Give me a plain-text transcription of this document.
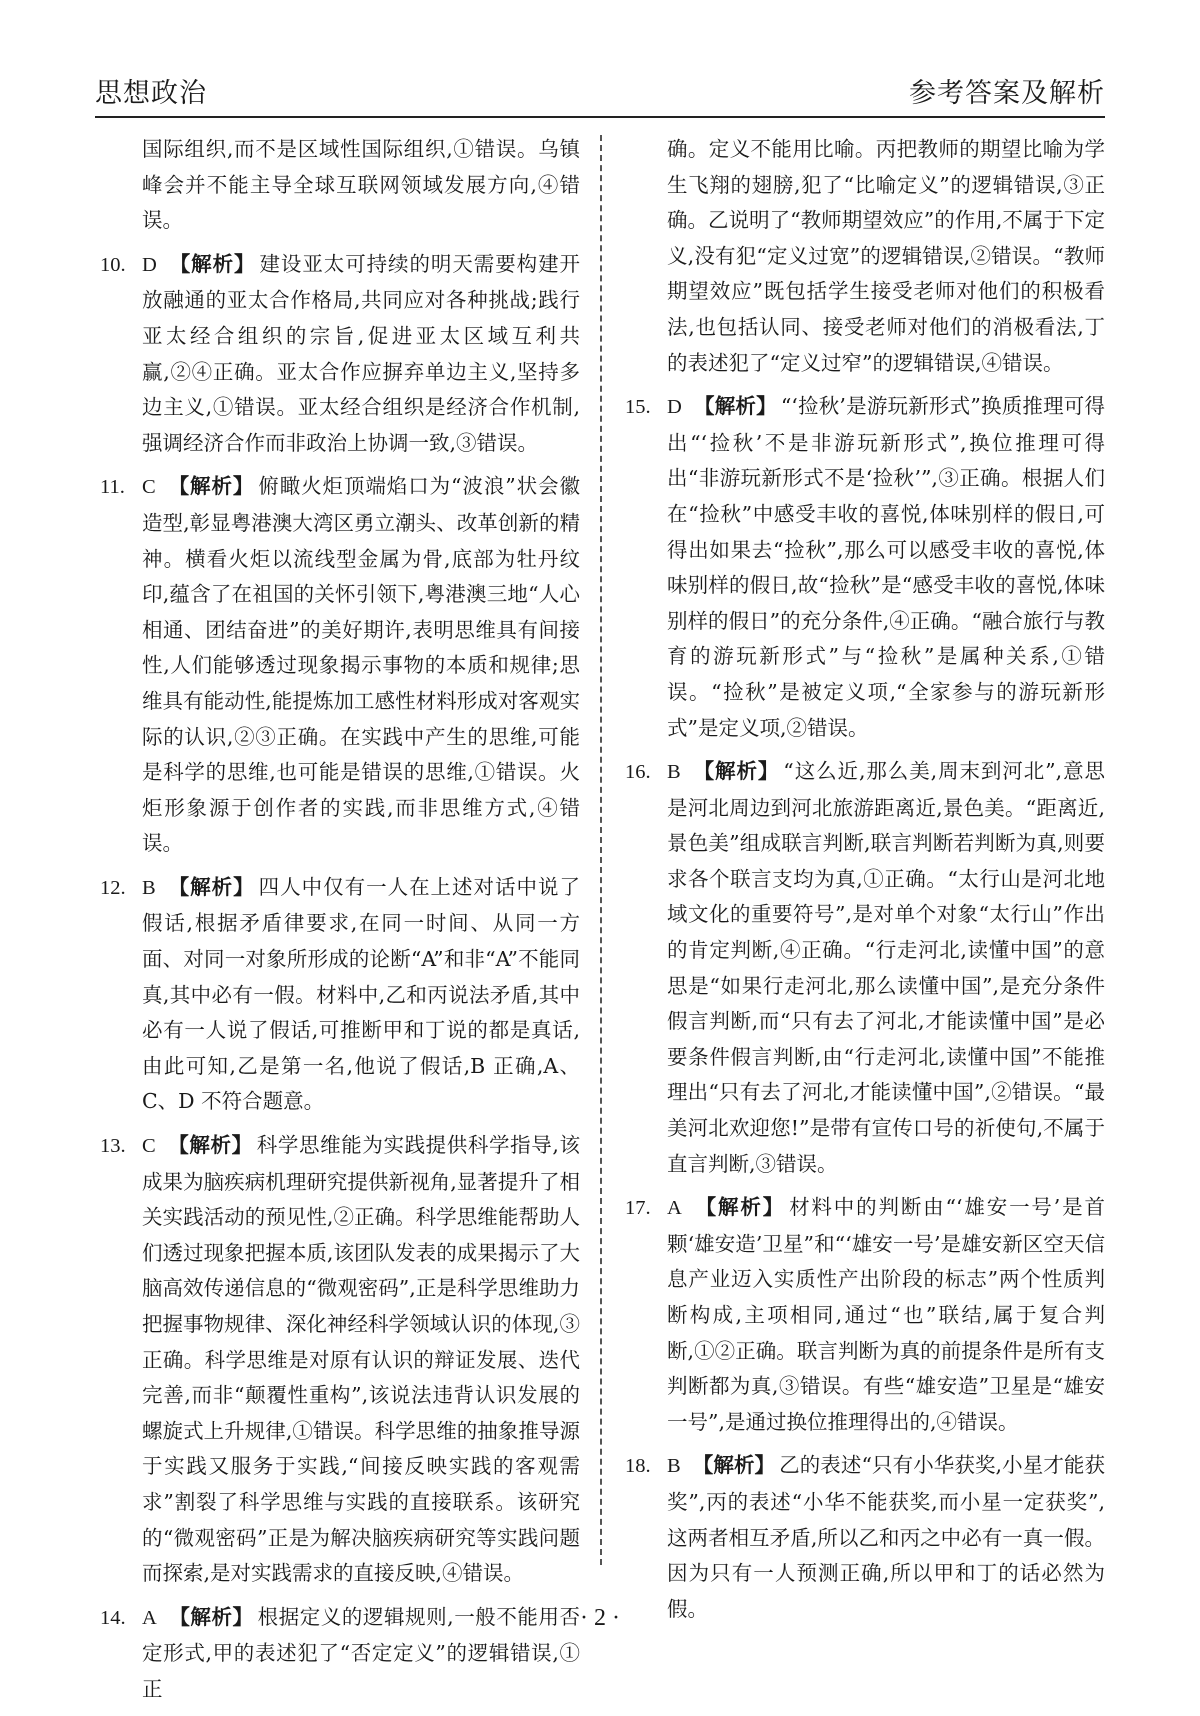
思想政治	参考答案及解析

国际组织,而不是区域性国际组织,①错误。乌镇峰会并不能主导全球互联网领域发展方向,④错误。

10. D 【解析】 建设亚太可持续的明天需要构建开放融通的亚太合作格局,共同应对各种挑战;践行亚太经合组织的宗旨,促进亚太区域互利共赢,②④正确。亚太合作应摒弃单边主义,坚持多边主义,①错误。亚太经合组织是经济合作机制,强调经济合作而非政治上协调一致,③错误。

11. C 【解析】 俯瞰火炬顶端焰口为“波浪”状会徽造型,彰显粤港澳大湾区勇立潮头、改革创新的精神。横看火炬以流线型金属为骨,底部为牡丹纹印,蕴含了在祖国的关怀引领下,粤港澳三地“人心相通、团结奋进”的美好期许,表明思维具有间接性,人们能够透过现象揭示事物的本质和规律;思维具有能动性,能提炼加工感性材料形成对客观实际的认识,②③正确。在实践中产生的思维,可能是科学的思维,也可能是错误的思维,①错误。火炬形象源于创作者的实践,而非思维方式,④错误。

12. B 【解析】 四人中仅有一人在上述对话中说了假话,根据矛盾律要求,在同一时间、从同一方面、对同一对象所形成的论断“A”和非“A”不能同真,其中必有一假。材料中,乙和丙说法矛盾,其中必有一人说了假话,可推断甲和丁说的都是真话,由此可知,乙是第一名,他说了假话,B 正确,A、C、D 不符合题意。

13. C 【解析】 科学思维能为实践提供科学指导,该成果为脑疾病机理研究提供新视角,显著提升了相关实践活动的预见性,②正确。科学思维能帮助人们透过现象把握本质,该团队发表的成果揭示了大脑高效传递信息的“微观密码”,正是科学思维助力把握事物规律、深化神经科学领域认识的体现,③正确。科学思维是对原有认识的辩证发展、迭代完善,而非“颠覆性重构”,该说法违背认识发展的螺旋式上升规律,①错误。科学思维的抽象推导源于实践又服务于实践,“间接反映实践的客观需求”割裂了科学思维与实践的直接联系。该研究的“微观密码”正是为解决脑疾病研究等实践问题而探索,是对实践需求的直接反映,④错误。

14. A 【解析】 根据定义的逻辑规则,一般不能用否定形式,甲的表述犯了“否定定义”的逻辑错误,①正

确。定义不能用比喻。丙把教师的期望比喻为学生飞翔的翅膀,犯了“比喻定义”的逻辑错误,③正确。乙说明了“教师期望效应”的作用,不属于下定义,没有犯“定义过宽”的逻辑错误,②错误。“教师期望效应”既包括学生接受老师对他们的积极看法,也包括认同、接受老师对他们的消极看法,丁的表述犯了“定义过窄”的逻辑错误,④错误。

15. D 【解析】 “‘捡秋’是游玩新形式”换质推理可得出“‘捡秋’不是非游玩新形式”,换位推理可得出“非游玩新形式不是‘捡秋’”,③正确。根据人们在“捡秋”中感受丰收的喜悦,体味别样的假日,可得出如果去“捡秋”,那么可以感受丰收的喜悦,体味别样的假日,故“捡秋”是“感受丰收的喜悦,体味别样的假日”的充分条件,④正确。“融合旅行与教育的游玩新形式”与“捡秋”是属种关系,①错误。“捡秋”是被定义项,“全家参与的游玩新形式”是定义项,②错误。

16. B 【解析】 “这么近,那么美,周末到河北”,意思是河北周边到河北旅游距离近,景色美。“距离近,景色美”组成联言判断,联言判断若判断为真,则要求各个联言支均为真,①正确。“太行山是河北地域文化的重要符号”,是对单个对象“太行山”作出的肯定判断,④正确。“行走河北,读懂中国”的意思是“如果行走河北,那么读懂中国”,是充分条件假言判断,而“只有去了河北,才能读懂中国”是必要条件假言判断,由“行走河北,读懂中国”不能推理出“只有去了河北,才能读懂中国”,②错误。“最美河北欢迎您!”是带有宣传口号的祈使句,不属于直言判断,③错误。

17. A 【解析】 材料中的判断由“‘雄安一号’是首颗‘雄安造’卫星”和“‘雄安一号’是雄安新区空天信息产业迈入实质性产出阶段的标志”两个性质判断构成,主项相同,通过“也”联结,属于复合判断,①②正确。联言判断为真的前提条件是所有支判断都为真,③错误。有些“雄安造”卫星是“雄安一号”,是通过换位推理得出的,④错误。

18. B 【解析】 乙的表述“只有小华获奖,小星才能获奖”,丙的表述“小华不能获奖,而小星一定获奖”,这两者相互矛盾,所以乙和丙之中必有一真一假。因为只有一人预测正确,所以甲和丁的话必然为假。

· 2 ·
